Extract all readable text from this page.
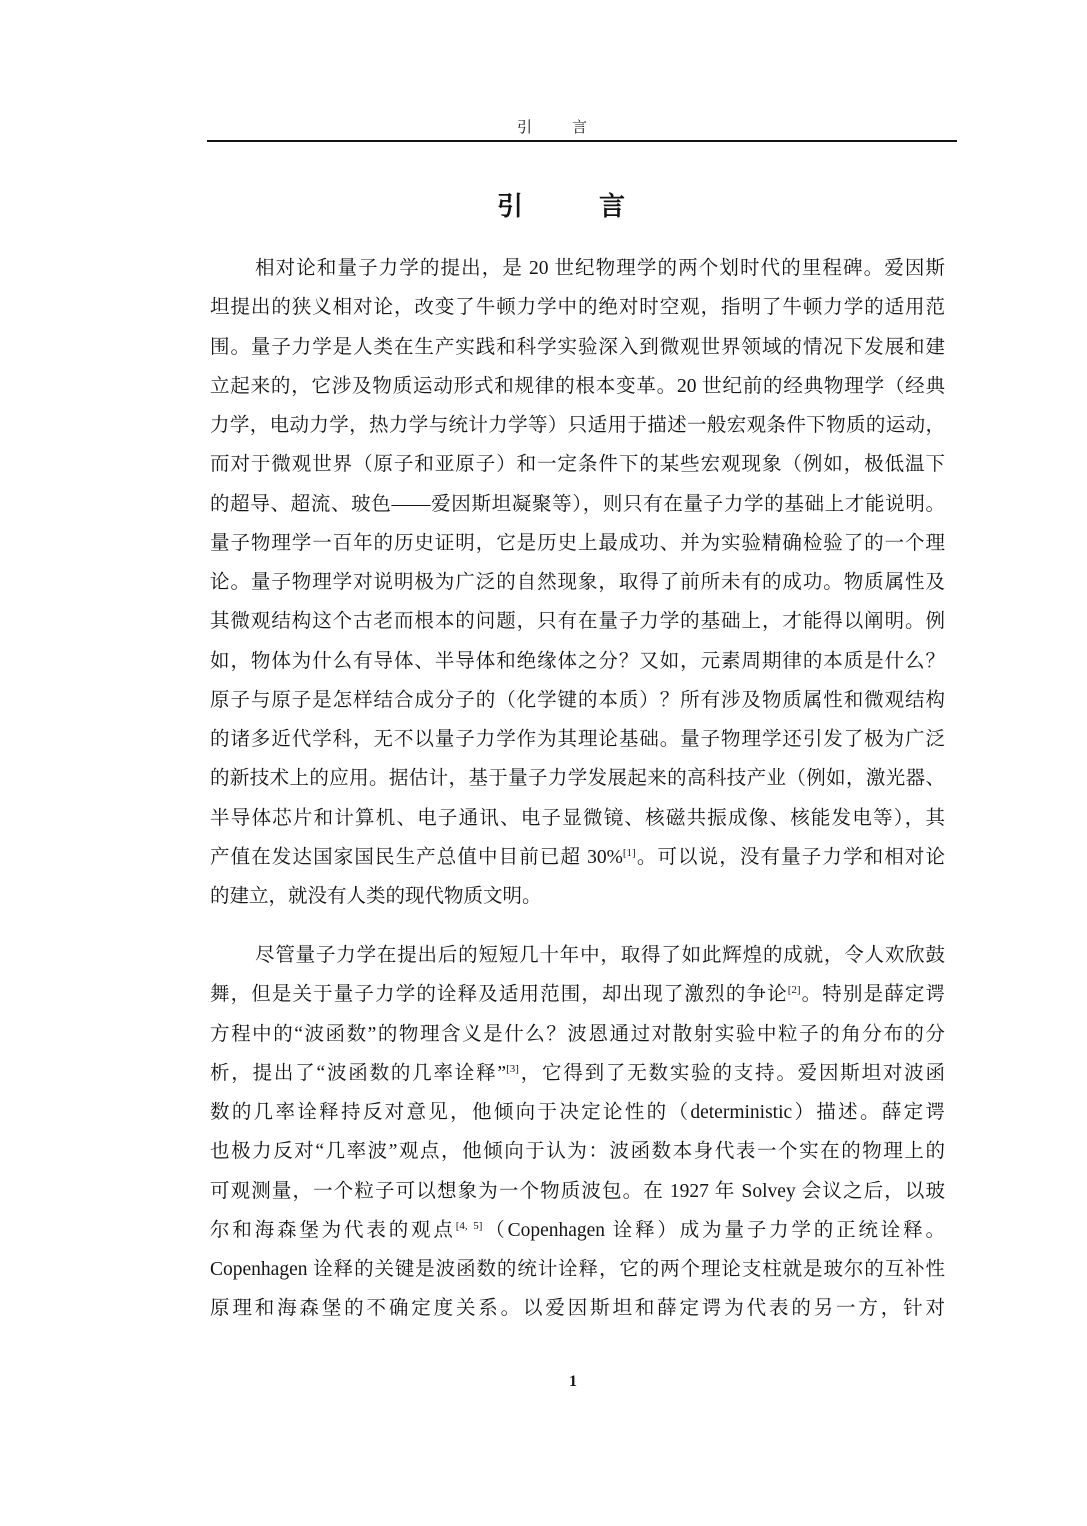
引言
引言
相对论和量子力学的提出，是 20 世纪物理学的两个划时代的里程碑。爱因斯
坦提出的狭义相对论，改变了牛顿力学中的绝对时空观，指明了牛顿力学的适用范
围。量子力学是人类在生产实践和科学实验深入到微观世界领域的情况下发展和建
立起来的，它涉及物质运动形式和规律的根本变革。20 世纪前的经典物理学（经典
力学，电动力学，热力学与统计力学等）只适用于描述一般宏观条件下物质的运动，
而对于微观世界（原子和亚原子）和一定条件下的某些宏观现象（例如，极低温下
的超导、超流、玻色——爱因斯坦凝聚等），则只有在量子力学的基础上才能说明。
量子物理学一百年的历史证明，它是历史上最成功、并为实验精确检验了的一个理
论。量子物理学对说明极为广泛的自然现象，取得了前所未有的成功。物质属性及
其微观结构这个古老而根本的问题，只有在量子力学的基础上，才能得以阐明。例
如，物体为什么有导体、半导体和绝缘体之分？又如，元素周期律的本质是什么？
原子与原子是怎样结合成分子的（化学键的本质）？所有涉及物质属性和微观结构
的诸多近代学科，无不以量子力学作为其理论基础。量子物理学还引发了极为广泛
的新技术上的应用。据估计，基于量子力学发展起来的高科技产业（例如，激光器、
半导体芯片和计算机、电子通讯、电子显微镜、核磁共振成像、核能发电等），其
产值在发达国家国民生产总值中目前已超 30%[1]。可以说，没有量子力学和相对论
的建立，就没有人类的现代物质文明。
尽管量子力学在提出后的短短几十年中，取得了如此辉煌的成就，令人欢欣鼓
舞，但是关于量子力学的诠释及适用范围，却出现了激烈的争论[2]。特别是薛定谔
方程中的“波函数”的物理含义是什么？波恩通过对散射实验中粒子的角分布的分
析，提出了“波函数的几率诠释”[3]，它得到了无数实验的支持。爱因斯坦对波函
数的几率诠释持反对意见，他倾向于决定论性的（deterministic）描述。薛定谔
也极力反对“几率波”观点，他倾向于认为：波函数本身代表一个实在的物理上的
可观测量，一个粒子可以想象为一个物质波包。在 1927 年 Solvey 会议之后，以玻
尔和海森堡为代表的观点[4, 5]（Copenhagen 诠释）成为量子力学的正统诠释。
Copenhagen 诠释的关键是波函数的统计诠释，它的两个理论支柱就是玻尔的互补性
原理和海森堡的不确定度关系。以爱因斯坦和薛定谔为代表的另一方，针对
1
